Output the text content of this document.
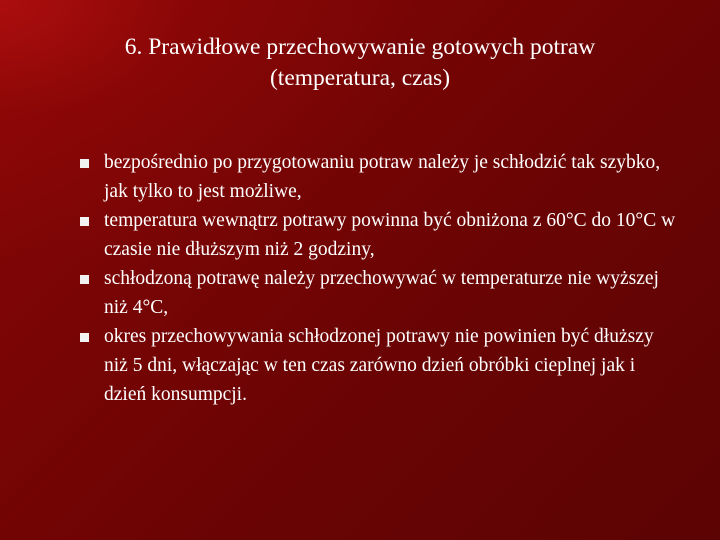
6. Prawidłowe przechowywanie gotowych potraw
(temperatura, czas)
bezpośrednio po przygotowaniu potraw należy je schłodzić tak szybko, jak tylko to jest możliwe,
temperatura wewnątrz potrawy powinna być obniżona z 60°C do 10°C w czasie nie dłuższym niż 2 godziny,
schłodzoną potrawę należy przechowywać w temperaturze nie wyższej niż 4°C,
okres przechowywania schłodzonej potrawy nie powinien być dłuższy niż 5 dni, włączając w ten czas zarówno dzień obróbki cieplnej jak i dzień konsumpcji.
